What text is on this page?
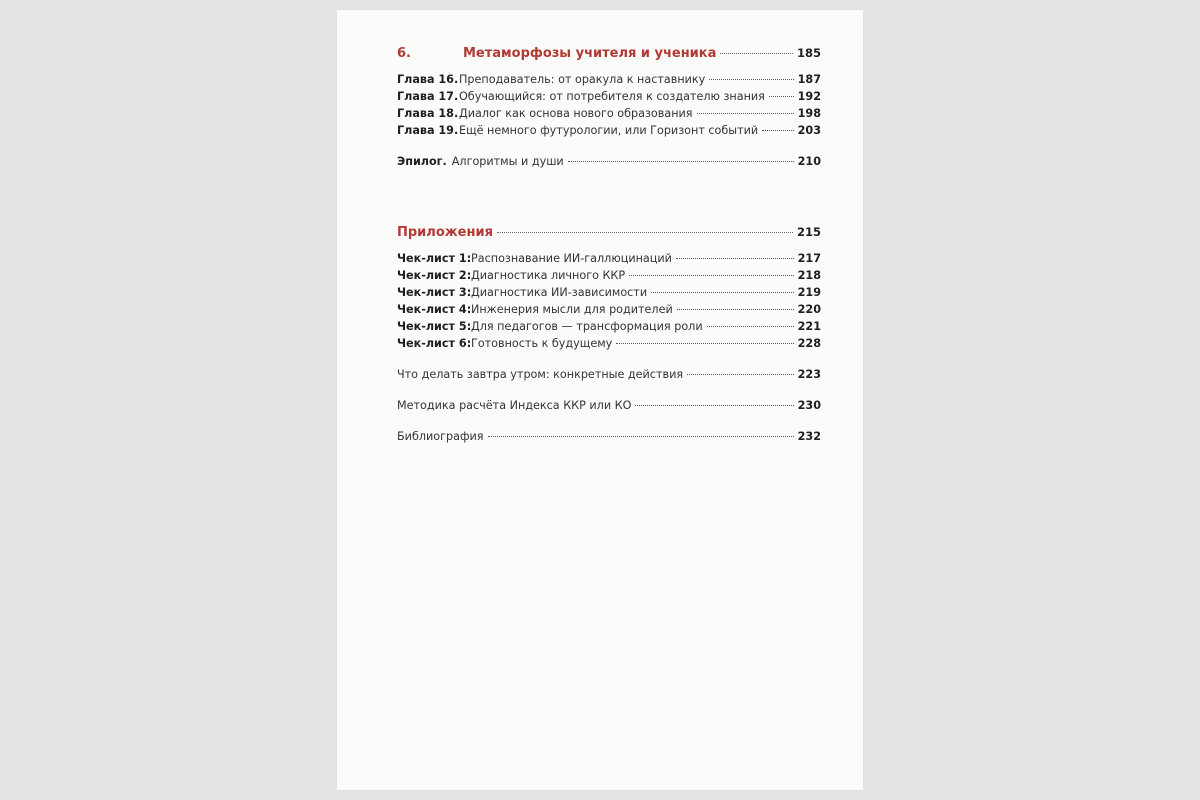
6.	Метаморфозы учителя и ученика	185
Глава 16. Преподаватель: от оракула к наставнику	187
Глава 17. Обучающийся: от потребителя к создателю знания	192
Глава 18. Диалог как основа нового образования	198
Глава 19. Ещё немного футурологии, или Горизонт событий	203
Эпилог. Алгоритмы и души	210
Приложения	215
Чек-лист 1: Распознавание ИИ-галлюцинаций	217
Чек-лист 2: Диагностика личного ККР	218
Чек-лист 3: Диагностика ИИ-зависимости	219
Чек-лист 4: Инженерия мысли для родителей	220
Чек-лист 5: Для педагогов — трансформация роли	221
Чек-лист 6: Готовность к будущему	228
Что делать завтра утром: конкретные действия	223
Методика расчёта Индекса ККР или КО	230
Библиография	232
